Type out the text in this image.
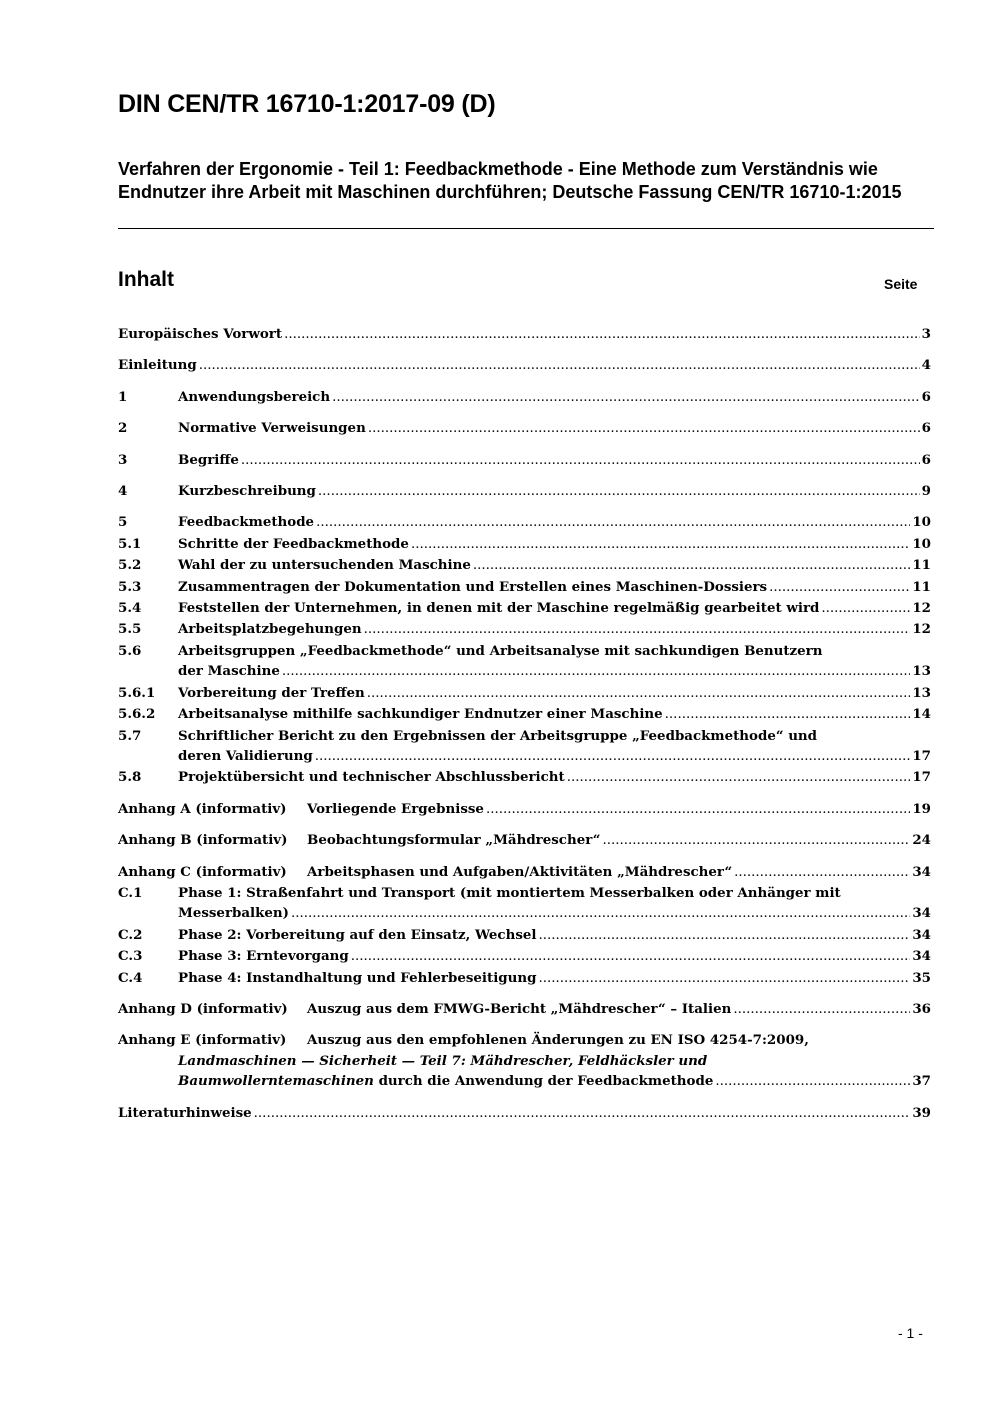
DIN CEN/TR 16710-1:2017-09 (D)
Verfahren der Ergonomie - Teil 1: Feedbackmethode - Eine Methode zum Verständnis wie Endnutzer ihre Arbeit mit Maschinen durchführen; Deutsche Fassung CEN/TR 16710-1:2015
Inhalt	Seite
Europäisches Vorwort .....	3
Einleitung .....	4
1	Anwendungsbereich .....	6
2	Normative Verweisungen .....	6
3	Begriffe .....	6
4	Kurzbeschreibung .....	9
5	Feedbackmethode .....	10
5.1	Schritte der Feedbackmethode .....	10
5.2	Wahl der zu untersuchenden Maschine .....	11
5.3	Zusammentragen der Dokumentation und Erstellen eines Maschinen-Dossiers .....	11
5.4	Feststellen der Unternehmen, in denen mit der Maschine regelmäßig gearbeitet wird .....	12
5.5	Arbeitsplatzbegehungen .....	12
5.6	Arbeitsgruppen „Feedbackmethode“ und Arbeitsanalyse mit sachkundigen Benutzern
der Maschine .....	13
5.6.1	Vorbereitung der Treffen .....	13
5.6.2	Arbeitsanalyse mithilfe sachkundiger Endnutzer einer Maschine .....	14
5.7	Schriftlicher Bericht zu den Ergebnissen der Arbeitsgruppe „Feedbackmethode“ und
deren Validierung .....	17
5.8	Projektübersicht und technischer Abschlussbericht .....	17
Anhang A (informativ)	Vorliegende Ergebnisse .....	19
Anhang B (informativ)	Beobachtungsformular „Mähdrescher“ .....	24
Anhang C (informativ)	Arbeitsphasen und Aufgaben/Aktivitäten „Mähdrescher“ .....	34
C.1	Phase 1: Straßenfahrt und Transport (mit montiertem Messerbalken oder Anhänger mit
Messerbalken) .....	34
C.2	Phase 2: Vorbereitung auf den Einsatz, Wechsel .....	34
C.3	Phase 3: Erntevorgang .....	34
C.4	Phase 4: Instandhaltung und Fehlerbeseitigung .....	35
Anhang D (informativ)	Auszug aus dem FMWG-Bericht „Mähdrescher“ – Italien .....	36
Anhang E (informativ)	Auszug aus den empfohlenen Änderungen zu EN ISO 4254-7:2009,
Landmaschinen — Sicherheit — Teil 7: Mähdrescher, Feldhäcksler und
Baumwollerntemaschinen durch die Anwendung der Feedbackmethode .....	37
Literaturhinweise .....	39
- 1 -
